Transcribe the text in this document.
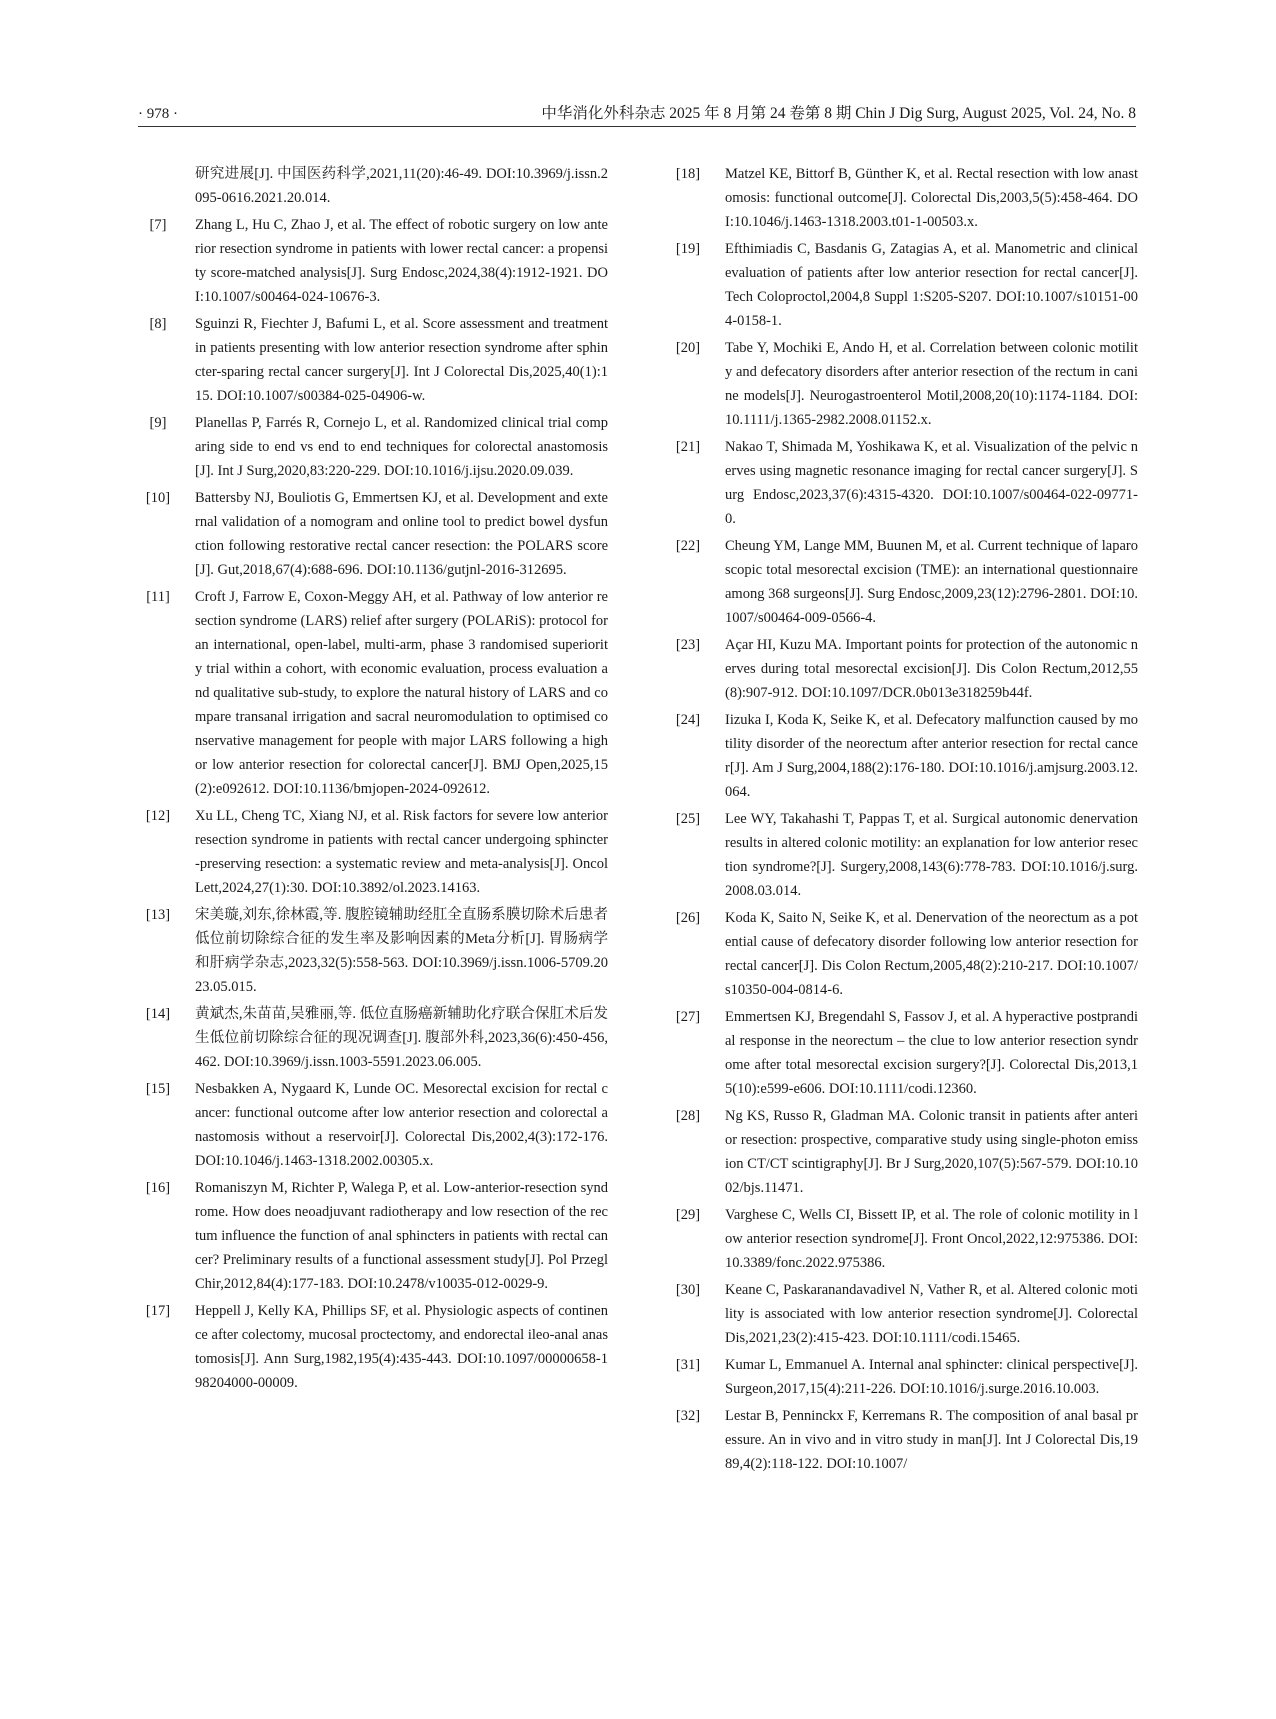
· 978 ·	中华消化外科杂志 2025 年 8 月第 24 卷第 8 期 Chin J Dig Surg, August 2025, Vol. 24, No. 8
研究进展[J]. 中国医药科学,2021,11(20):46-49. DOI:10.3969/j.issn.2095-0616.2021.20.014.
[7]	Zhang L, Hu C, Zhao J, et al. The effect of robotic surgery on low anterior resection syndrome in patients with lower rectal cancer: a propensity score-matched analysis[J]. Surg Endosc,2024,38(4):1912-1921. DOI:10.1007/s00464-024-10676-3.
[8]	Sguinzi R, Fiechter J, Bafumi L, et al. Score assessment and treatment in patients presenting with low anterior resection syndrome after sphincter-sparing rectal cancer surgery[J]. Int J Colorectal Dis,2025,40(1):115. DOI:10.1007/s00384-025-04906-w.
[9]	Planellas P, Farrés R, Cornejo L, et al. Randomized clinical trial comparing side to end vs end to end techniques for colorectal anastomosis[J]. Int J Surg,2020,83:220-229. DOI:10.1016/j.ijsu.2020.09.039.
[10]	Battersby NJ, Bouliotis G, Emmertsen KJ, et al. Development and external validation of a nomogram and online tool to predict bowel dysfunction following restorative rectal cancer resection: the POLARS score[J]. Gut,2018,67(4):688-696. DOI:10.1136/gutjnl-2016-312695.
[11]	Croft J, Farrow E, Coxon-Meggy AH, et al. Pathway of low anterior resection syndrome (LARS) relief after surgery (POLARiS): protocol for an international, open-label, multi-arm, phase 3 randomised superiority trial within a cohort, with economic evaluation, process evaluation and qualitative sub-study, to explore the natural history of LARS and compare transanal irrigation and sacral neuromodulation to optimised conservative management for people with major LARS following a high or low anterior resection for colorectal cancer[J]. BMJ Open,2025,15(2):e092612. DOI:10.1136/bmjopen-2024-092612.
[12]	Xu LL, Cheng TC, Xiang NJ, et al. Risk factors for severe low anterior resection syndrome in patients with rectal cancer undergoing sphincter-preserving resection: a systematic review and meta-analysis[J]. Oncol Lett,2024,27(1):30. DOI:10.3892/ol.2023.14163.
[13]	宋美璇,刘东,徐林霞,等. 腹腔镜辅助经肛全直肠系膜切除术后患者低位前切除综合征的发生率及影响因素的Meta分析[J]. 胃肠病学和肝病学杂志,2023,32(5):558-563. DOI:10.3969/j.issn.1006-5709.2023.05.015.
[14]	黄斌杰,朱苗苗,吴雅丽,等. 低位直肠癌新辅助化疗联合保肛术后发生低位前切除综合征的现况调查[J]. 腹部外科,2023,36(6):450-456,462. DOI:10.3969/j.issn.1003-5591.2023.06.005.
[15]	Nesbakken A, Nygaard K, Lunde OC. Mesorectal excision for rectal cancer: functional outcome after low anterior resection and colorectal anastomosis without a reservoir[J]. Colorectal Dis,2002,4(3):172-176. DOI:10.1046/j.1463-1318.2002.00305.x.
[16]	Romaniszyn M, Richter P, Walega P, et al. Low-anterior-resection syndrome. How does neoadjuvant radiotherapy and low resection of the rectum influence the function of anal sphincters in patients with rectal cancer? Preliminary results of a functional assessment study[J]. Pol Przegl Chir,2012,84(4):177-183. DOI:10.2478/v10035-012-0029-9.
[17]	Heppell J, Kelly KA, Phillips SF, et al. Physiologic aspects of continence after colectomy, mucosal proctectomy, and endorectal ileo-anal anastomosis[J]. Ann Surg,1982,195(4):435-443. DOI:10.1097/00000658-198204000-00009.
[18]	Matzel KE, Bittorf B, Günther K, et al. Rectal resection with low anastomosis: functional outcome[J]. Colorectal Dis,2003,5(5):458-464. DOI:10.1046/j.1463-1318.2003.t01-1-00503.x.
[19]	Efthimiadis C, Basdanis G, Zatagias A, et al. Manometric and clinical evaluation of patients after low anterior resection for rectal cancer[J]. Tech Coloproctol,2004,8 Suppl 1:S205-S207. DOI:10.1007/s10151-004-0158-1.
[20]	Tabe Y, Mochiki E, Ando H, et al. Correlation between colonic motility and defecatory disorders after anterior resection of the rectum in canine models[J]. Neurogastroenterol Motil,2008,20(10):1174-1184. DOI:10.1111/j.1365-2982.2008.01152.x.
[21]	Nakao T, Shimada M, Yoshikawa K, et al. Visualization of the pelvic nerves using magnetic resonance imaging for rectal cancer surgery[J]. Surg Endosc,2023,37(6):4315-4320. DOI:10.1007/s00464-022-09771-0.
[22]	Cheung YM, Lange MM, Buunen M, et al. Current technique of laparoscopic total mesorectal excision (TME): an international questionnaire among 368 surgeons[J]. Surg Endosc,2009,23(12):2796-2801. DOI:10.1007/s00464-009-0566-4.
[23]	Açar HI, Kuzu MA. Important points for protection of the autonomic nerves during total mesorectal excision[J]. Dis Colon Rectum,2012,55(8):907-912. DOI:10.1097/DCR.0b013e318259b44f.
[24]	Iizuka I, Koda K, Seike K, et al. Defecatory malfunction caused by motility disorder of the neorectum after anterior resection for rectal cancer[J]. Am J Surg,2004,188(2):176-180. DOI:10.1016/j.amjsurg.2003.12.064.
[25]	Lee WY, Takahashi T, Pappas T, et al. Surgical autonomic denervation results in altered colonic motility: an explanation for low anterior resection syndrome?[J]. Surgery,2008,143(6):778-783. DOI:10.1016/j.surg.2008.03.014.
[26]	Koda K, Saito N, Seike K, et al. Denervation of the neorectum as a potential cause of defecatory disorder following low anterior resection for rectal cancer[J]. Dis Colon Rectum,2005,48(2):210-217. DOI:10.1007/s10350-004-0814-6.
[27]	Emmertsen KJ, Bregendahl S, Fassov J, et al. A hyperactive postprandial response in the neorectum – the clue to low anterior resection syndrome after total mesorectal excision surgery?[J]. Colorectal Dis,2013,15(10):e599-e606. DOI:10.1111/codi.12360.
[28]	Ng KS, Russo R, Gladman MA. Colonic transit in patients after anterior resection: prospective, comparative study using single-photon emission CT/CT scintigraphy[J]. Br J Surg,2020,107(5):567-579. DOI:10.1002/bjs.11471.
[29]	Varghese C, Wells CI, Bissett IP, et al. The role of colonic motility in low anterior resection syndrome[J]. Front Oncol,2022,12:975386. DOI:10.3389/fonc.2022.975386.
[30]	Keane C, Paskaranandavadivel N, Vather R, et al. Altered colonic motility is associated with low anterior resection syndrome[J]. Colorectal Dis,2021,23(2):415-423. DOI:10.1111/codi.15465.
[31]	Kumar L, Emmanuel A. Internal anal sphincter: clinical perspective[J]. Surgeon,2017,15(4):211-226. DOI:10.1016/j.surge.2016.10.003.
[32]	Lestar B, Penninckx F, Kerremans R. The composition of anal basal pressure. An in vivo and in vitro study in man[J]. Int J Colorectal Dis,1989,4(2):118-122. DOI:10.1007/
